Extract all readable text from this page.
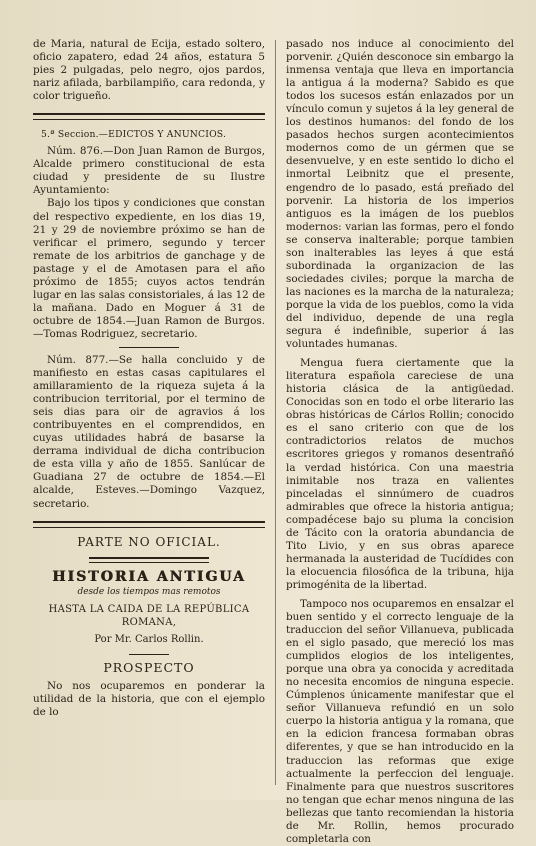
de Maria, natural de Ecija, estado soltero, oficio zapatero, edad 24 años, estatura 5 pies 2 pulgadas, pelo negro, ojos pardos, nariz afilada, barbilampiño, cara redonda, y color trigueño.

5.ª Seccion.—EDICTOS Y ANUNCIOS.

Núm. 876.—Don Juan Ramon de Burgos, Alcalde primero constitucional de esta ciudad y presidente de su Ilustre Ayuntamiento:

Bajo los tipos y condiciones que constan del respectivo expediente, en los dias 19, 21 y 29 de noviembre próximo se han de verificar el primero, segundo y tercer remate de los arbitrios de ganchage y de pastage y el de Amotasen para el año próximo de 1855; cuyos actos tendrán lugar en las salas consistoriales, á las 12 de la mañana. Dado en Moguer á 31 de octubre de 1854.—Juan Ramon de Burgos.—Tomas Rodriguez, secretario.

Núm. 877.—Se halla concluido y de manifiesto en estas casas capitulares el amillaramiento de la riqueza sujeta á la contribucion territorial, por el termino de seis dias para oir de agravios á los contribuyentes en el comprendidos, en cuyas utilidades habrá de basarse la derrama individual de dicha contribucion de esta villa y año de 1855. Sanlúcar de Guadiana 27 de octubre de 1854.—El alcalde, Esteves.—Domingo Vazquez, secretario.

PARTE NO OFICIAL.
HISTORIA ANTIGUA
desde los tiempos mas remotos
HASTA LA CAIDA DE LA REPÚBLICA ROMANA,
Por Mr. Carlos Rollin.
PROSPECTO

No nos ocuparemos en ponderar la utilidad de la historia, que con el ejemplo de lo

pasado nos induce al conocimiento del porvenir. ¿Quién desconoce sin embargo la inmensa ventaja que lleva en importancia la antigua á la moderna? Sabido es que todos los sucesos están enlazados por un vínculo comun y sujetos á la ley general de los destinos humanos: del fondo de los pasados hechos surgen acontecimientos modernos como de un gérmen que se desenvuelve, y en este sentido lo dicho el inmortal Leibnitz que el presente, engendro de lo pasado, está preñado del porvenir. La historia de los imperios antiguos es la imágen de los pueblos modernos: varian las formas, pero el fondo se conserva inalterable; porque tambien son inalterables las leyes á que está subordinada la organizacion de las sociedades civiles; porque la marcha de las naciones es la marcha de la naturaleza; porque la vida de los pueblos, como la vida del individuo, depende de una regla segura é indefinible, superior á las voluntades humanas.

Mengua fuera ciertamente que la literatura española careciese de una historia clásica de la antigüedad. Conocidas son en todo el orbe literario las obras históricas de Cárlos Rollin; conocido es el sano criterio con que de los contradictorios relatos de muchos escritores griegos y romanos desentrañó la verdad histórica. Con una maestria inimitable nos traza en valientes pinceladas el sinnúmero de cuadros admirables que ofrece la historia antigua; compadécese bajo su pluma la concision de Tácito con la oratoria abundancia de Tito Livio, y en sus obras aparece hermanada la austeridad de Tucídides con la elocuencia filosófica de la tribuna, hija primogénita de la libertad.

Tampoco nos ocuparemos en ensalzar el buen sentido y el correcto lenguaje de la traduccion del señor Villanueva, publicada en el siglo pasado, que mereció los mas cumplidos elogios de los inteligentes, porque una obra ya conocida y acreditada no necesita encomios de ninguna especie. Cúmplenos únicamente manifestar que el señor Villanueva refundió en un solo cuerpo la historia antigua y la romana, que en la edicion francesa formaban obras diferentes, y que se han introducido en la traduccion las reformas que exige actualmente la perfeccion del lenguaje. Finalmente para que nuestros suscritores no tengan que echar menos ninguna de las bellezas que tanto recomiendan la historia de Mr. Rollin, hemos procurado completarla con
